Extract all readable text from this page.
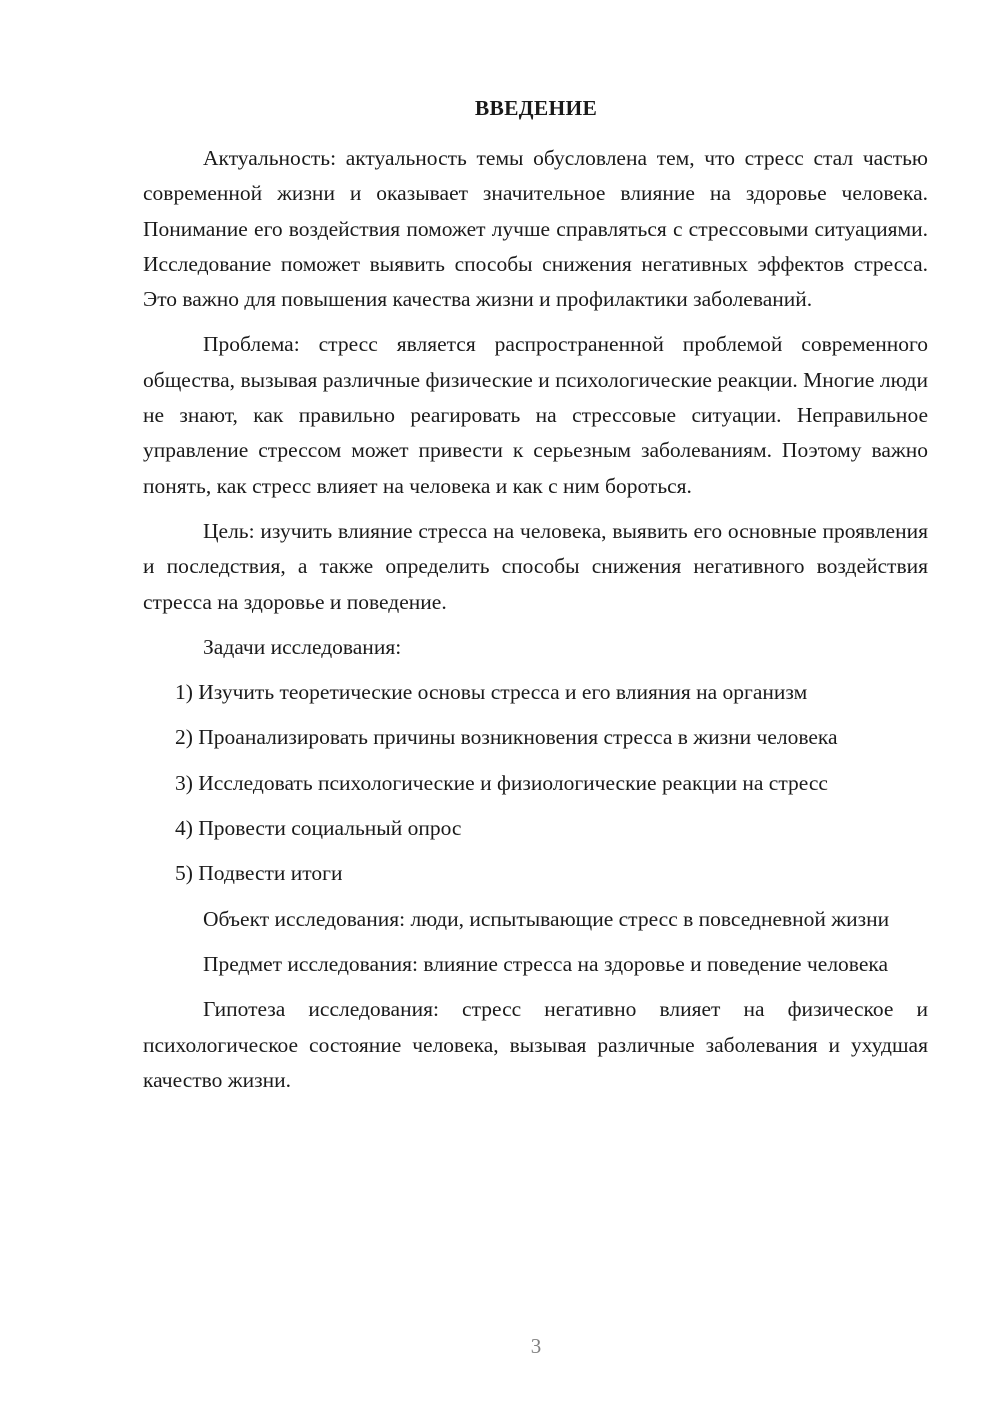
ВВЕДЕНИЕ

Актуальность: актуальность темы обусловлена тем, что стресс стал частью современной жизни и оказывает значительное влияние на здоровье человека. Понимание его воздействия поможет лучше справляться с стрессовыми ситуациями. Исследование поможет выявить способы снижения негативных эффектов стресса. Это важно для повышения качества жизни и профилактики заболеваний.

Проблема: стресс является распространенной проблемой современного общества, вызывая различные физические и психологические реакции. Многие люди не знают, как правильно реагировать на стрессовые ситуации. Неправильное управление стрессом может привести к серьезным заболеваниям. Поэтому важно понять, как стресс влияет на человека и как с ним бороться.

Цель: изучить влияние стресса на человека, выявить его основные проявления и последствия, а также определить способы снижения негативного воздействия стресса на здоровье и поведение.

Задачи исследования:

1) Изучить теоретические основы стресса и его влияния на организм

2) Проанализировать причины возникновения стресса в жизни человека

3) Исследовать психологические и физиологические реакции на стресс

4) Провести социальный опрос

5) Подвести итоги

Объект исследования: люди, испытывающие стресс в повседневной жизни

Предмет исследования: влияние стресса на здоровье и поведение человека

Гипотеза исследования: стресс негативно влияет на физическое и психологическое состояние человека, вызывая различные заболевания и ухудшая качество жизни.

3
